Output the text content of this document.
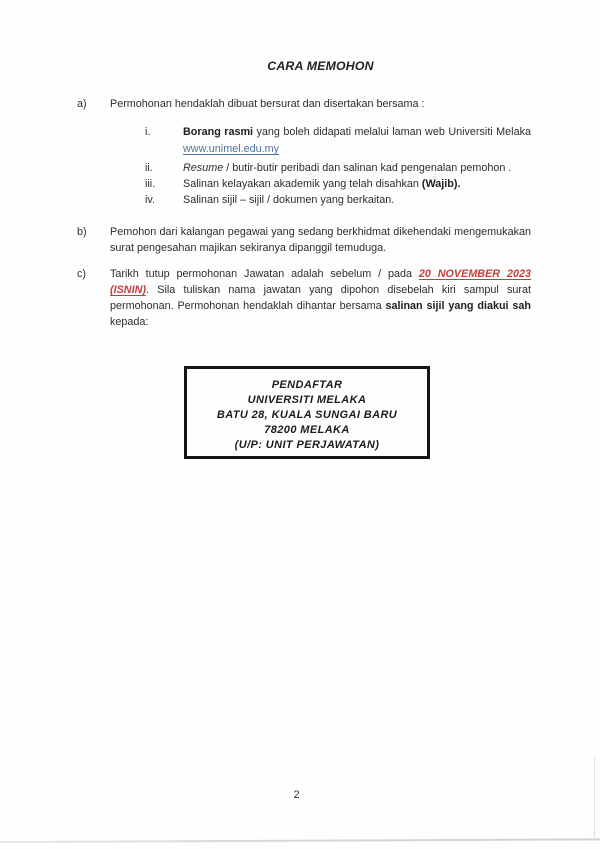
CARA MEMOHON
a) Permohonan hendaklah dibuat bersurat dan disertakan bersama :
i.	Borang rasmi yang boleh didapati melalui laman web Universiti Melaka
www.unimel.edu.my
ii.	Resume / butir-butir peribadi dan salinan kad pengenalan pemohon .
iii.	Salinan kelayakan akademik yang telah disahkan (Wajib).
iv.	Salinan sijil – sijil / dokumen yang berkaitan.
b) Pemohon dari kalangan pegawai yang sedang berkhidmat dikehendaki mengemukakan
surat pengesahan majikan sekiranya dipanggil temuduga.
c) Tarikh tutup permohonan Jawatan adalah sebelum / pada 20 NOVEMBER 2023
(ISNIN). Sila tuliskan nama jawatan yang dipohon disebelah kiri sampul surat
permohonan. Permohonan hendaklah dihantar bersama salinan sijil yang diakui sah
kepada:
PENDAFTAR
UNIVERSITI MELAKA
BATU 28, KUALA SUNGAI BARU
78200 MELAKA
(U/P: UNIT PERJAWATAN)
2
